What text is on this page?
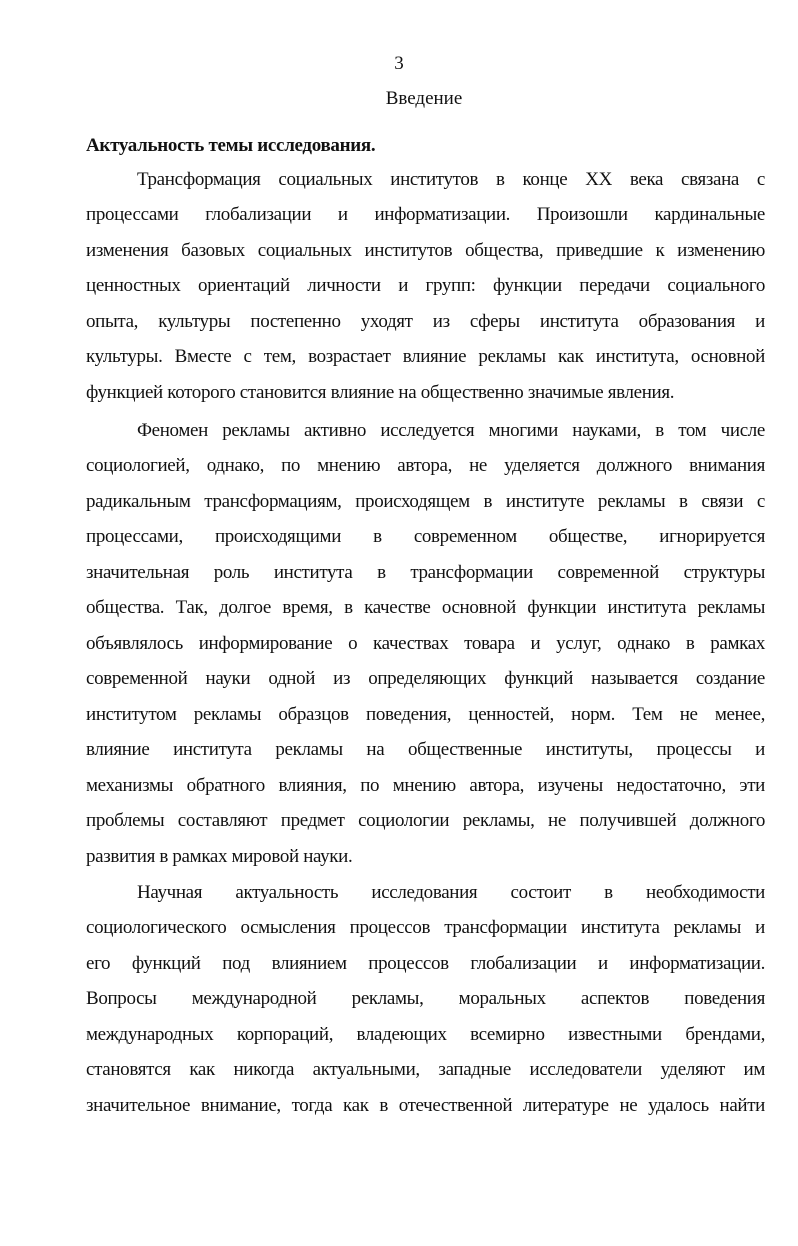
3
Введение
Актуальность темы исследования.
Трансформация социальных институтов в конце XX века связана с
процессами глобализации и информатизации. Произошли кардинальные
изменения базовых социальных институтов общества, приведшие к изменению
ценностных ориентаций личности и групп: функции передачи социального
опыта, культуры постепенно уходят из сферы института образования и
культуры. Вместе с тем, возрастает влияние рекламы как института, основной
функцией которого становится влияние на общественно значимые явления.
Феномен рекламы активно исследуется многими науками, в том числе
социологией, однако, по мнению автора, не уделяется должного внимания
радикальным трансформациям, происходящем в институте рекламы в связи с
процессами, происходящими в современном обществе, игнорируется
значительная роль института в трансформации современной структуры
общества. Так, долгое время, в качестве основной функции института рекламы
объявлялось информирование о качествах товара и услуг, однако в рамках
современной науки одной из определяющих функций называется создание
институтом рекламы образцов поведения, ценностей, норм. Тем не менее,
влияние института рекламы на общественные институты, процессы и
механизмы обратного влияния, по мнению автора, изучены недостаточно, эти
проблемы составляют предмет социологии рекламы, не получившей должного
развития в рамках мировой науки.
Научная актуальность исследования состоит в необходимости
социологического осмысления процессов трансформации института рекламы и
его функций под влиянием процессов глобализации и информатизации.
Вопросы международной рекламы, моральных аспектов поведения
международных корпораций, владеющих всемирно известными брендами,
становятся как никогда актуальными, западные исследователи уделяют им
значительное внимание, тогда как в отечественной литературе не удалось найти
